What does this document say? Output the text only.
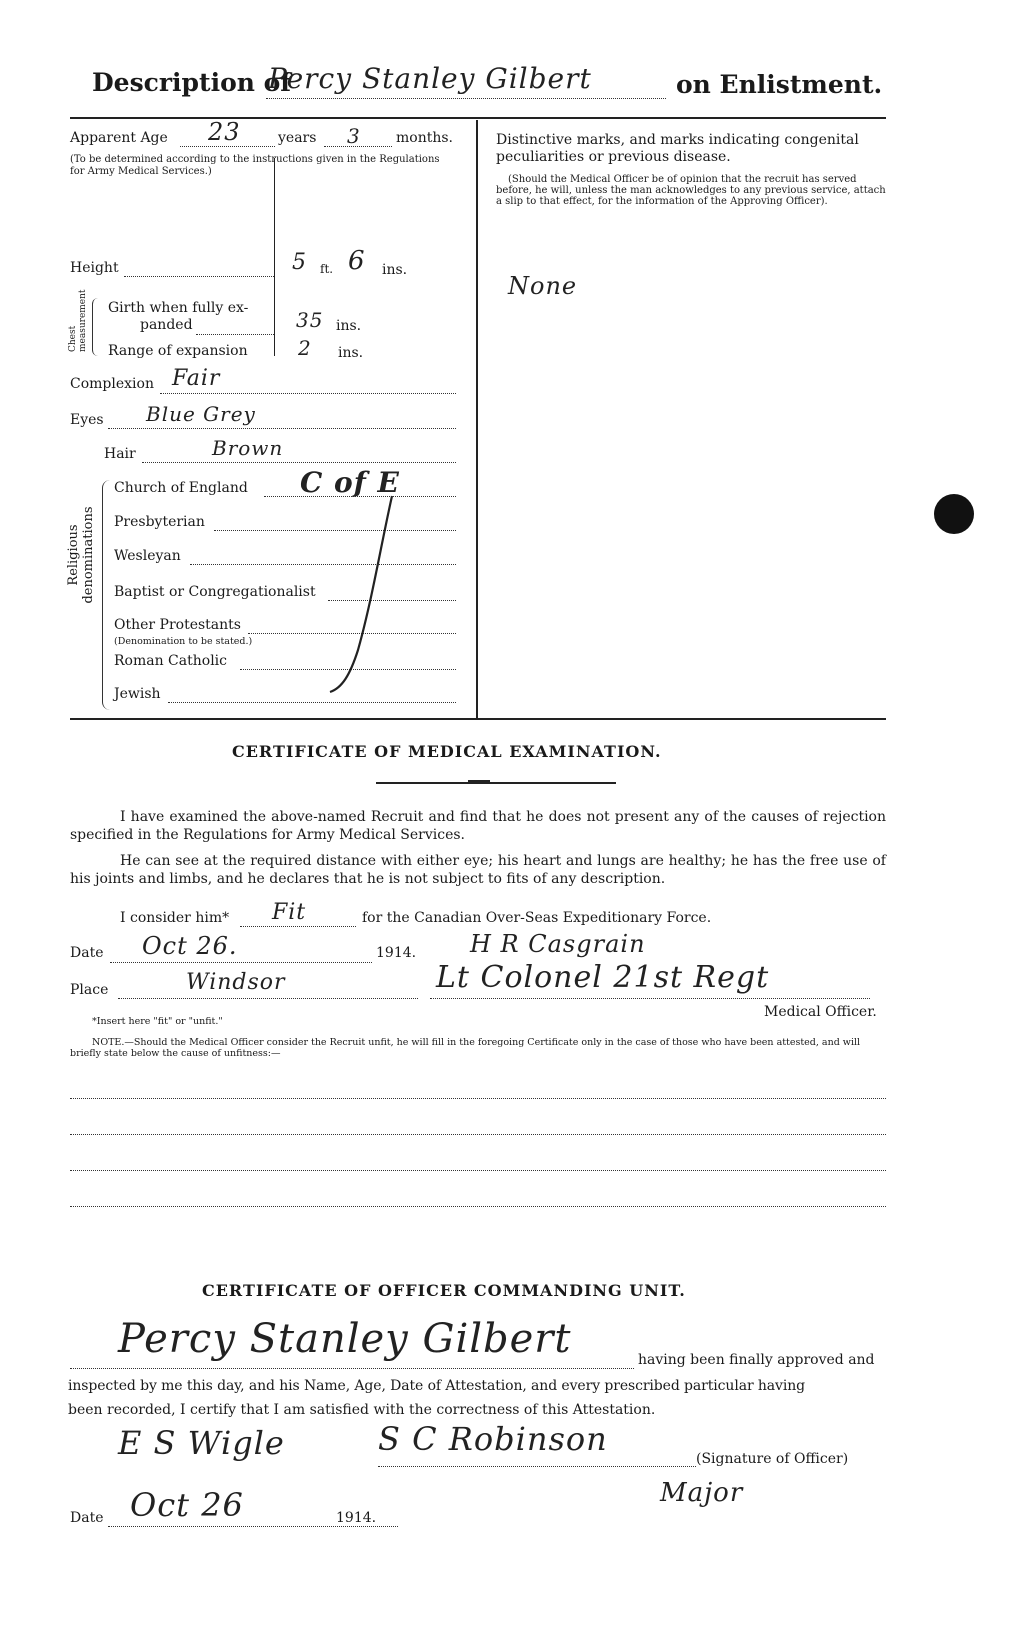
Description of
Percy Stanley Gilbert	on Enlistment.
Apparent Age 23	years 3	months.
(To be determined according to the instructions given in the Regulations for Army Medical Services.)
Height	5 ft. 6 ins.
Chest measurement Girth when fully ex-
panded	35 ins.
Range of expansion	2 ins.
Complexion Fair
Eyes Blue Grey
Hair	Brown
Religious denominations
Church of England C of E
Presbyterian
Wesleyan
Baptist or Congregationalist
Other Protestants
(Denomination to be stated.)
Roman Catholic
Jewish
Distinctive marks, and marks indicating congenital peculiarities or previous disease.
(Should the Medical Officer be of opinion that the recruit has served before, he will, unless the man acknowledges to any previous service, attach a slip to that effect, for the information of the Approving Officer).
None
CERTIFICATE OF MEDICAL EXAMINATION.
I have examined the above-named Recruit and find that he does not present any of the causes of rejection specified in the Regulations for Army Medical Services.
He can see at the required distance with either eye; his heart and lungs are healthy; he has the free use of his joints and limbs, and he declares that he is not subject to fits of any description.
I consider him* Fit	for the Canadian Over-Seas Expeditionary Force.
Date Oct 26.	1914. H R Casgrain
Place	Windsor	Lt Colonel 21st Regt
*Insert here "fit" or "unfit."
Medical Officer.
NOTE.—Should the Medical Officer consider the Recruit unfit, he will fill in the foregoing Certificate only in the case of those who have been attested, and will briefly state below the cause of unfitness:—
CERTIFICATE OF OFFICER COMMANDING UNIT.
Percy Stanley Gilbert	having been finally approved and
inspected by me this day, and his Name, Age, Date of Attestation, and every prescribed particular having
been recorded, I certify that I am satisfied with the correctness of this Attestation.
E S Wigle	S C Robinson
(Signature of Officer)
Major
Date Oct 26	1914.
